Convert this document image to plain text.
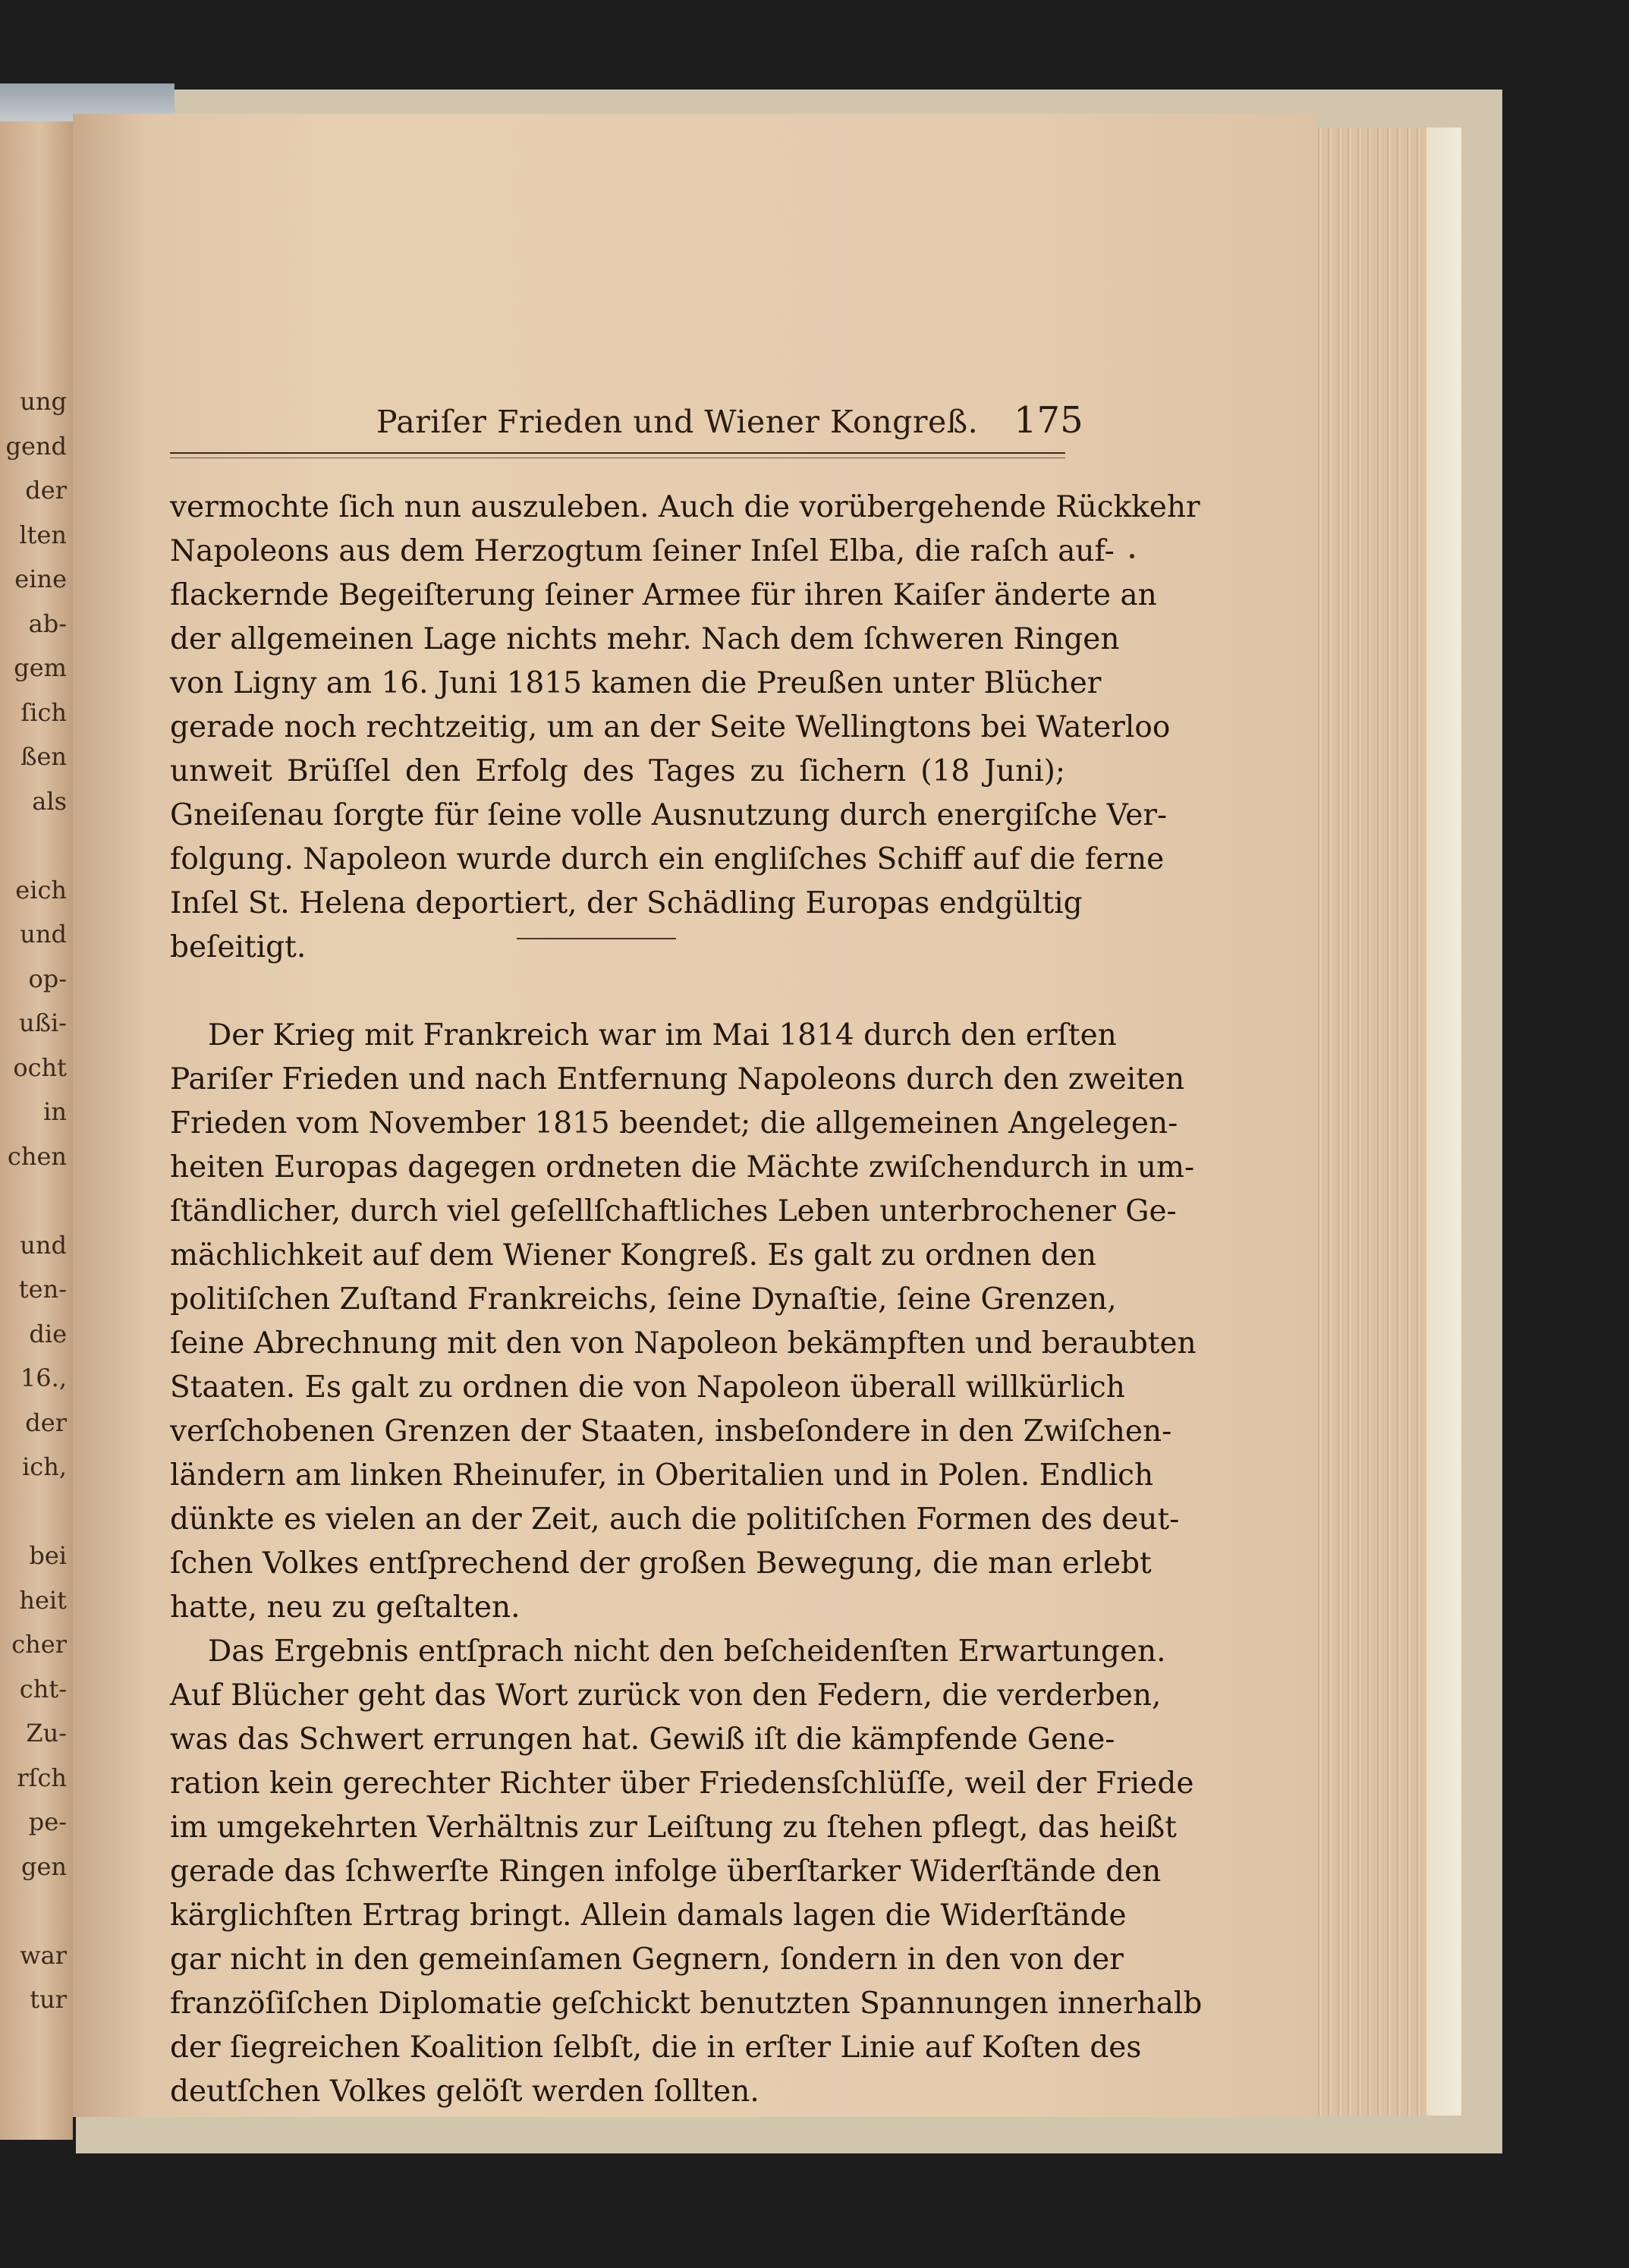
ung
gend
der
lten
eine
ab-
gem
ſich
ßen
als

eich
und
op-
ußi-
ocht
in
chen

und
ten-
die
16.,
der
ich,

bei
heit
cher
cht-
Zu-
rſch
pe-
gen

war
tur
Pariſer Frieden und Wiener Kongreß. 175
vermochte ſich nun auszuleben. Auch die vorübergehende Rückkehr
Napoleons aus dem Herzogtum ſeiner Inſel Elba, die raſch auf-
flackernde Begeiſterung ſeiner Armee für ihren Kaiſer änderte an
der allgemeinen Lage nichts mehr. Nach dem ſchweren Ringen
von Ligny am 16. Juni 1815 kamen die Preußen unter Blücher
gerade noch rechtzeitig, um an der Seite Wellingtons bei Waterloo
unweit Brüſſel den Erfolg des Tages zu ſichern (18 Juni);
Gneiſenau ſorgte für ſeine volle Ausnutzung durch energiſche Ver-
folgung. Napoleon wurde durch ein engliſches Schiff auf die ferne
Inſel St. Helena deportiert, der Schädling Europas endgültig
beſeitigt.
Der Krieg mit Frankreich war im Mai 1814 durch den erſten
Pariſer Frieden und nach Entfernung Napoleons durch den zweiten
Frieden vom November 1815 beendet; die allgemeinen Angelegen-
heiten Europas dagegen ordneten die Mächte zwiſchendurch in um-
ſtändlicher, durch viel geſellſchaftliches Leben unterbrochener Ge-
mächlichkeit auf dem Wiener Kongreß. Es galt zu ordnen den
politiſchen Zuſtand Frankreichs, ſeine Dynaſtie, ſeine Grenzen,
ſeine Abrechnung mit den von Napoleon bekämpften und beraubten
Staaten. Es galt zu ordnen die von Napoleon überall willkürlich
verſchobenen Grenzen der Staaten, insbeſondere in den Zwiſchen-
ländern am linken Rheinufer, in Oberitalien und in Polen. Endlich
dünkte es vielen an der Zeit, auch die politiſchen Formen des deut-
ſchen Volkes entſprechend der großen Bewegung, die man erlebt
hatte, neu zu geſtalten.
Das Ergebnis entſprach nicht den beſcheidenſten Erwartungen.
Auf Blücher geht das Wort zurück von den Federn, die verderben,
was das Schwert errungen hat. Gewiß iſt die kämpfende Gene-
ration kein gerechter Richter über Friedensſchlüſſe, weil der Friede
im umgekehrten Verhältnis zur Leiſtung zu ſtehen pflegt, das heißt
gerade das ſchwerſte Ringen infolge überſtarker Widerſtände den
kärglichſten Ertrag bringt. Allein damals lagen die Widerſtände
gar nicht in den gemeinſamen Gegnern, ſondern in den von der
franzöſiſchen Diplomatie geſchickt benutzten Spannungen innerhalb
der ſiegreichen Koalition ſelbſt, die in erſter Linie auf Koſten des
deutſchen Volkes gelöſt werden ſollten.
